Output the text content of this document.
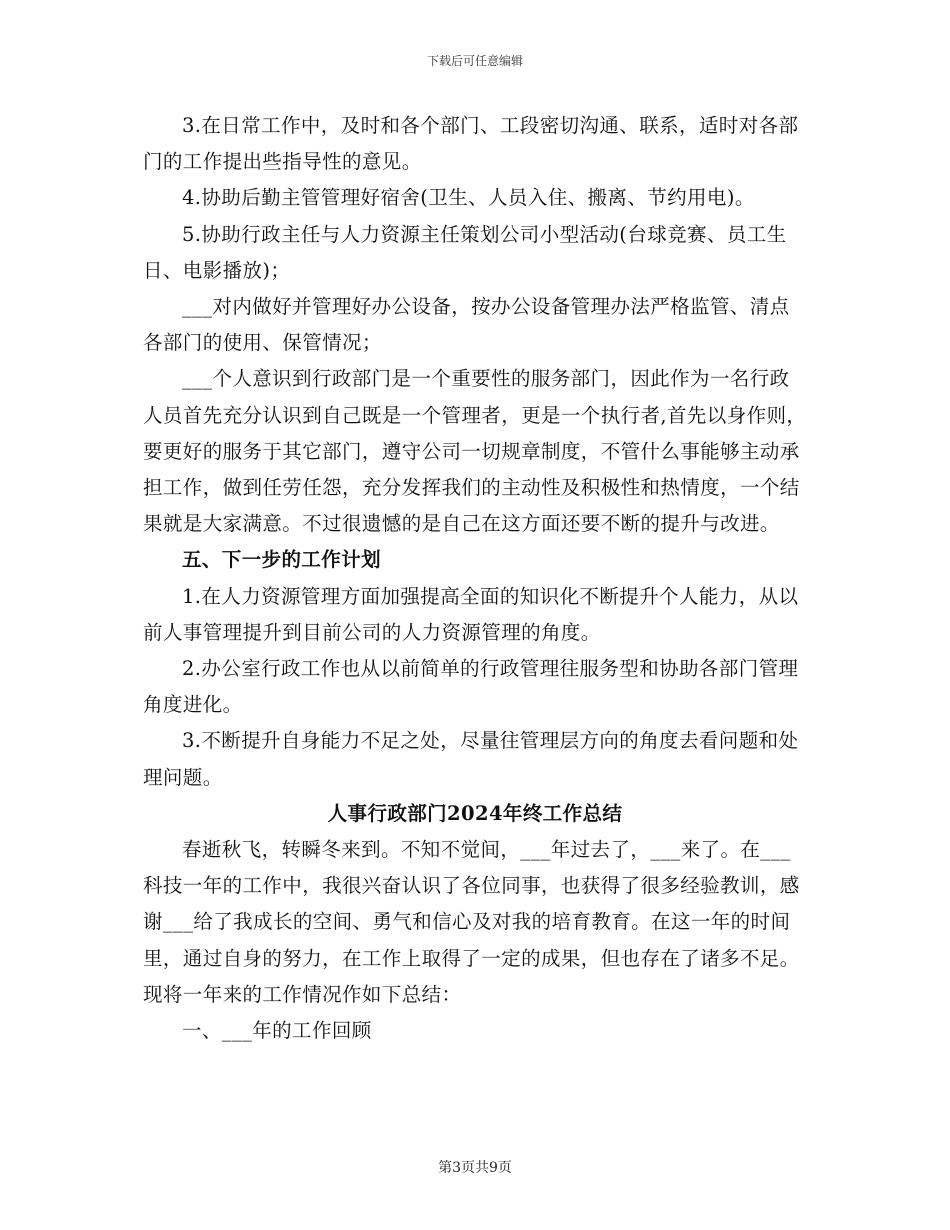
下载后可任意编辑

3.在日常工作中，及时和各个部门、工段密切沟通、联系，适时对各部门的工作提出些指导性的意见。

4.协助后勤主管管理好宿舍(卫生、人员入住、搬离、节约用电)。

5.协助行政主任与人力资源主任策划公司小型活动(台球竞赛、员工生日、电影播放)；

___对内做好并管理好办公设备，按办公设备管理办法严格监管、清点各部门的使用、保管情况；

___个人意识到行政部门是一个重要性的服务部门，因此作为一名行政人员首先充分认识到自己既是一个管理者，更是一个执行者,首先以身作则，要更好的服务于其它部门，遵守公司一切规章制度，不管什么事能够主动承担工作，做到任劳任怨，充分发挥我们的主动性及积极性和热情度，一个结果就是大家满意。不过很遗憾的是自己在这方面还要不断的提升与改进。

五、下一步的工作计划

1.在人力资源管理方面加强提高全面的知识化不断提升个人能力，从以前人事管理提升到目前公司的人力资源管理的角度。

2.办公室行政工作也从以前简单的行政管理往服务型和协助各部门管理角度进化。

3.不断提升自身能力不足之处，尽量往管理层方向的角度去看问题和处理问题。

人事行政部门2024年终工作总结

春逝秋飞，转瞬冬来到。不知不觉间，___年过去了，___来了。在___科技一年的工作中，我很兴奋认识了各位同事，也获得了很多经验教训，感谢___给了我成长的空间、勇气和信心及对我的培育教育。在这一年的时间里，通过自身的努力，在工作上取得了一定的成果，但也存在了诸多不足。现将一年来的工作情况作如下总结：

一、___年的工作回顾

第3页共9页
